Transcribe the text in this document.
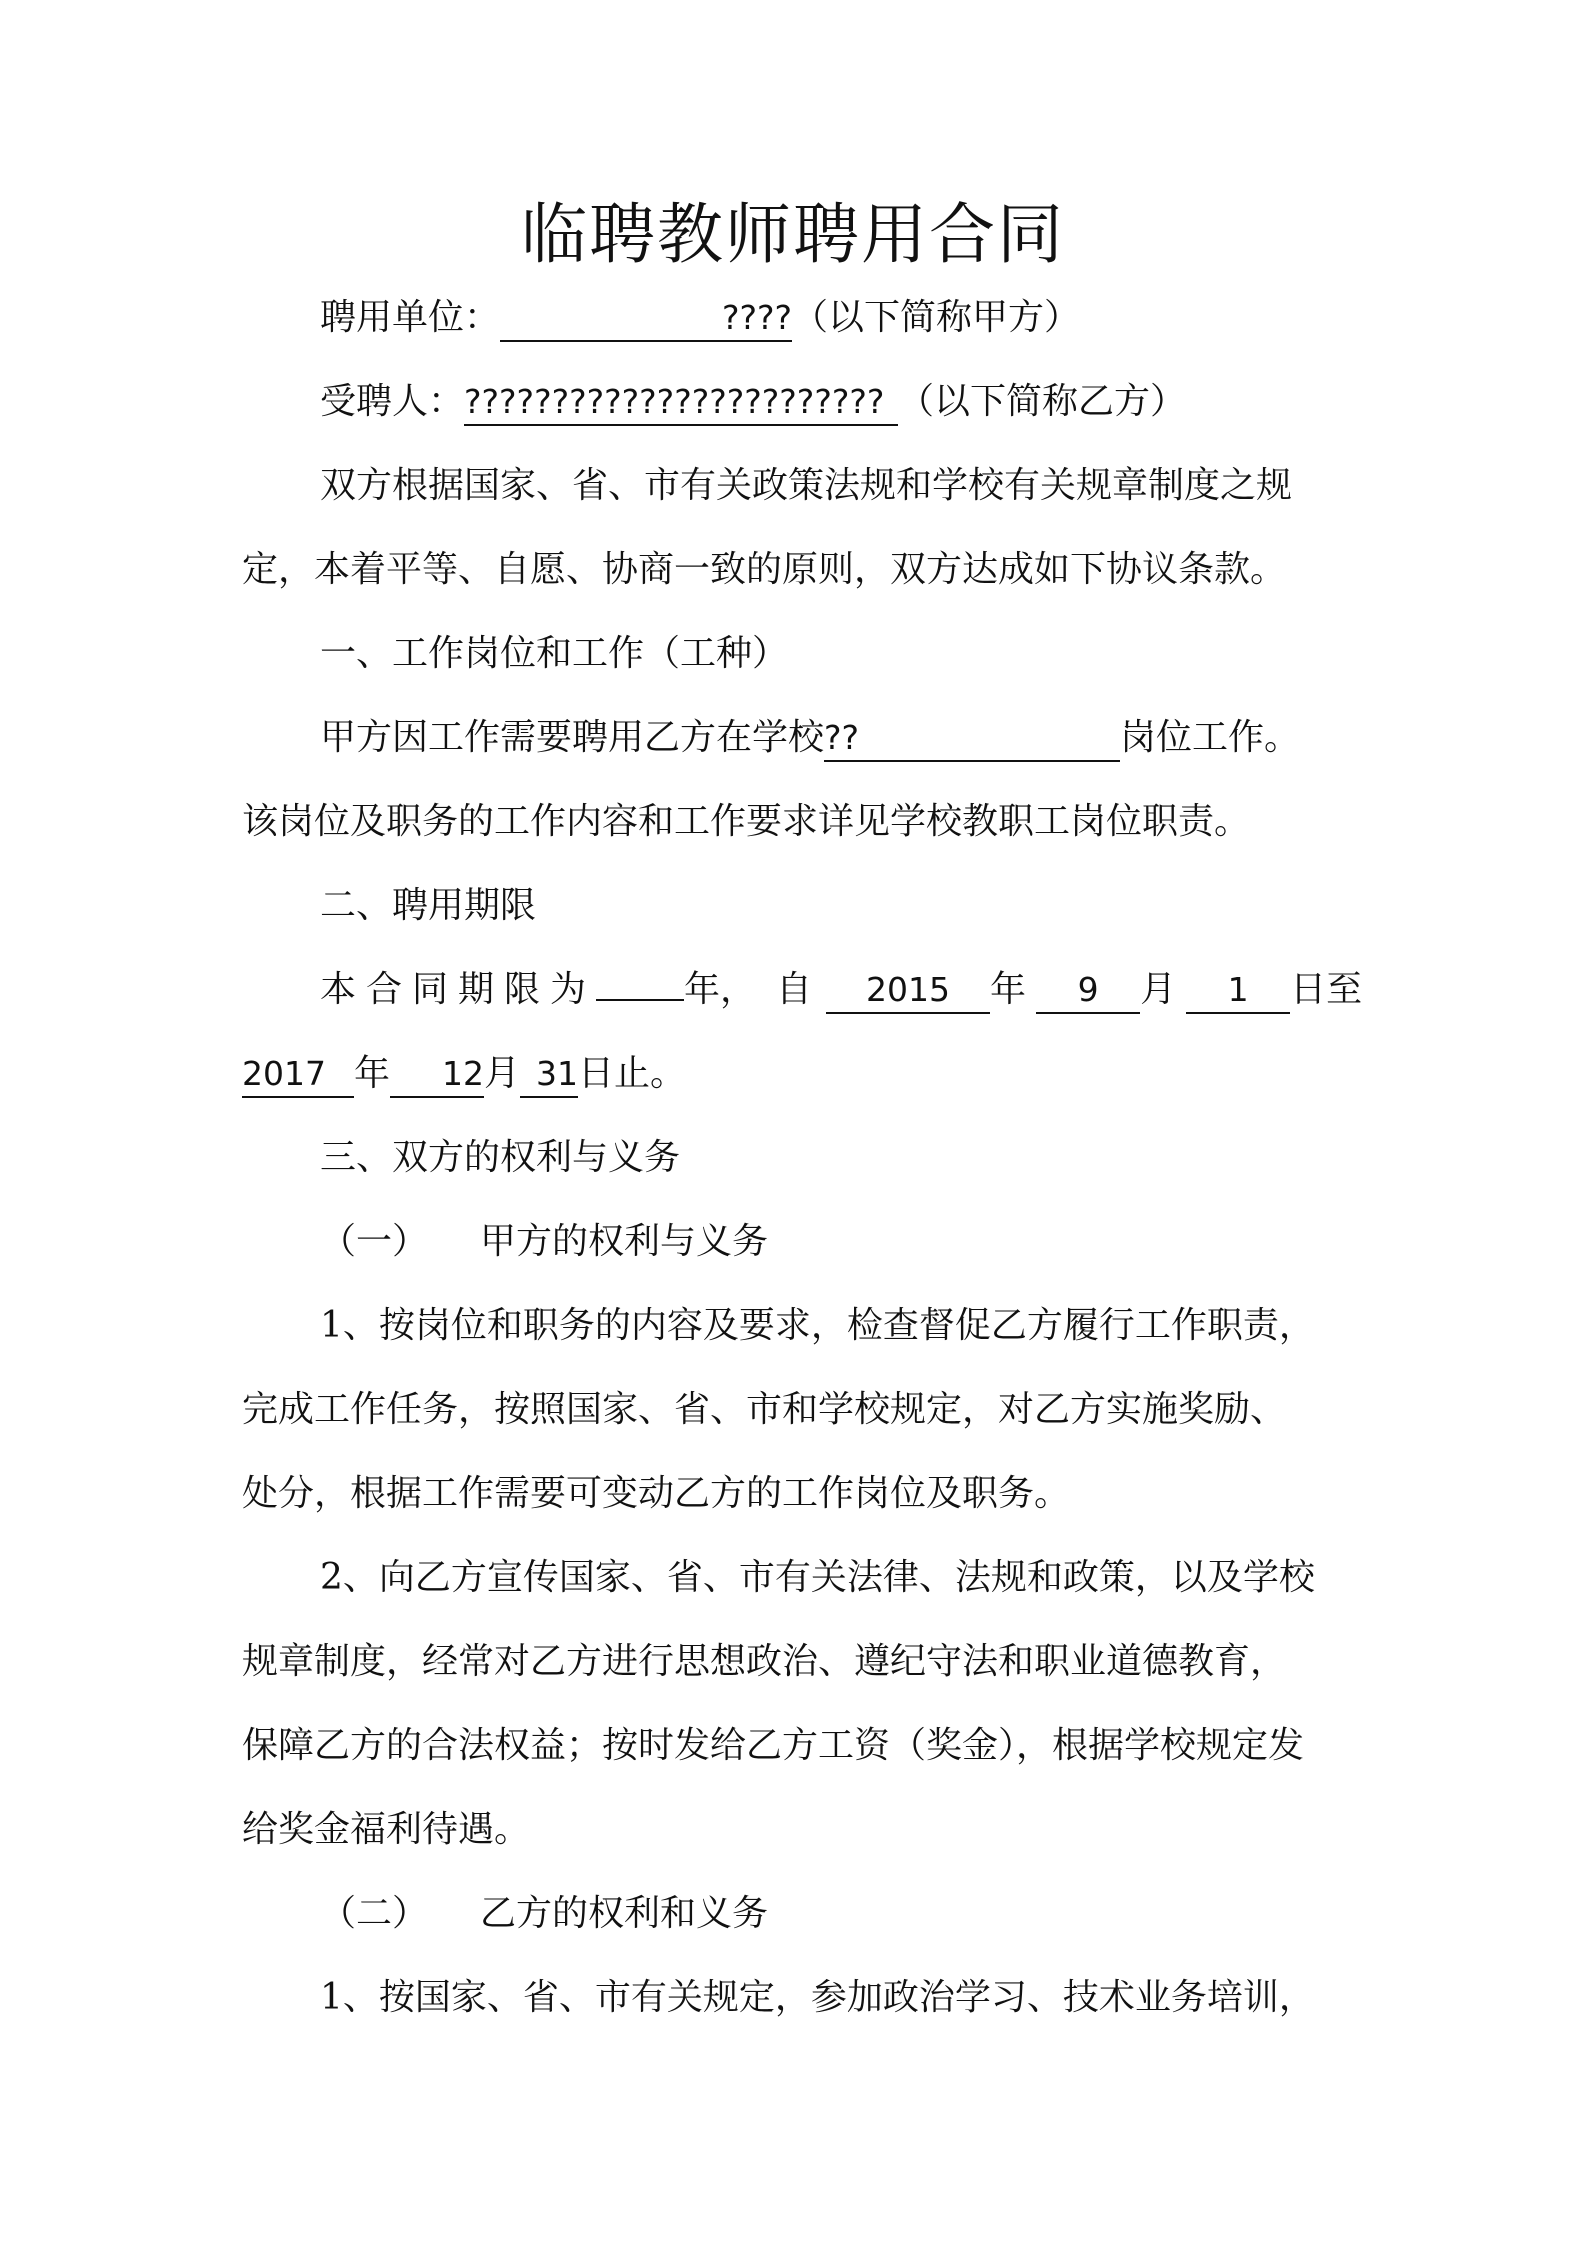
临聘教师聘用合同
聘用单位：	????（以下简称甲方）
受聘人：???????????????????????? （以下简称乙方）
双方根据国家、省、市有关政策法规和学校有关规章制度之规
定，本着平等、自愿、协商一致的原则，双方达成如下协议条款。
一、工作岗位和工作（工种）
甲方因工作需要聘用乙方在学校??	岗位工作。
该岗位及职务的工作内容和工作要求详见学校教职工岗位职责。
二、聘用期限
本合同期限为 年， 自 2015 年 9 月 1 日至
2017 年 12月 31日止。
三、双方的权利与义务
（一） 甲方的权利与义务
1、按岗位和职务的内容及要求，检查督促乙方履行工作职责，
完成工作任务，按照国家、省、市和学校规定，对乙方实施奖励、
处分，根据工作需要可变动乙方的工作岗位及职务。
2、向乙方宣传国家、省、市有关法律、法规和政策，以及学校
规章制度，经常对乙方进行思想政治、遵纪守法和职业道德教育，
保障乙方的合法权益；按时发给乙方工资（奖金），根据学校规定发
给奖金福利待遇。
（二） 乙方的权利和义务
1、按国家、省、市有关规定，参加政治学习、技术业务培训，
